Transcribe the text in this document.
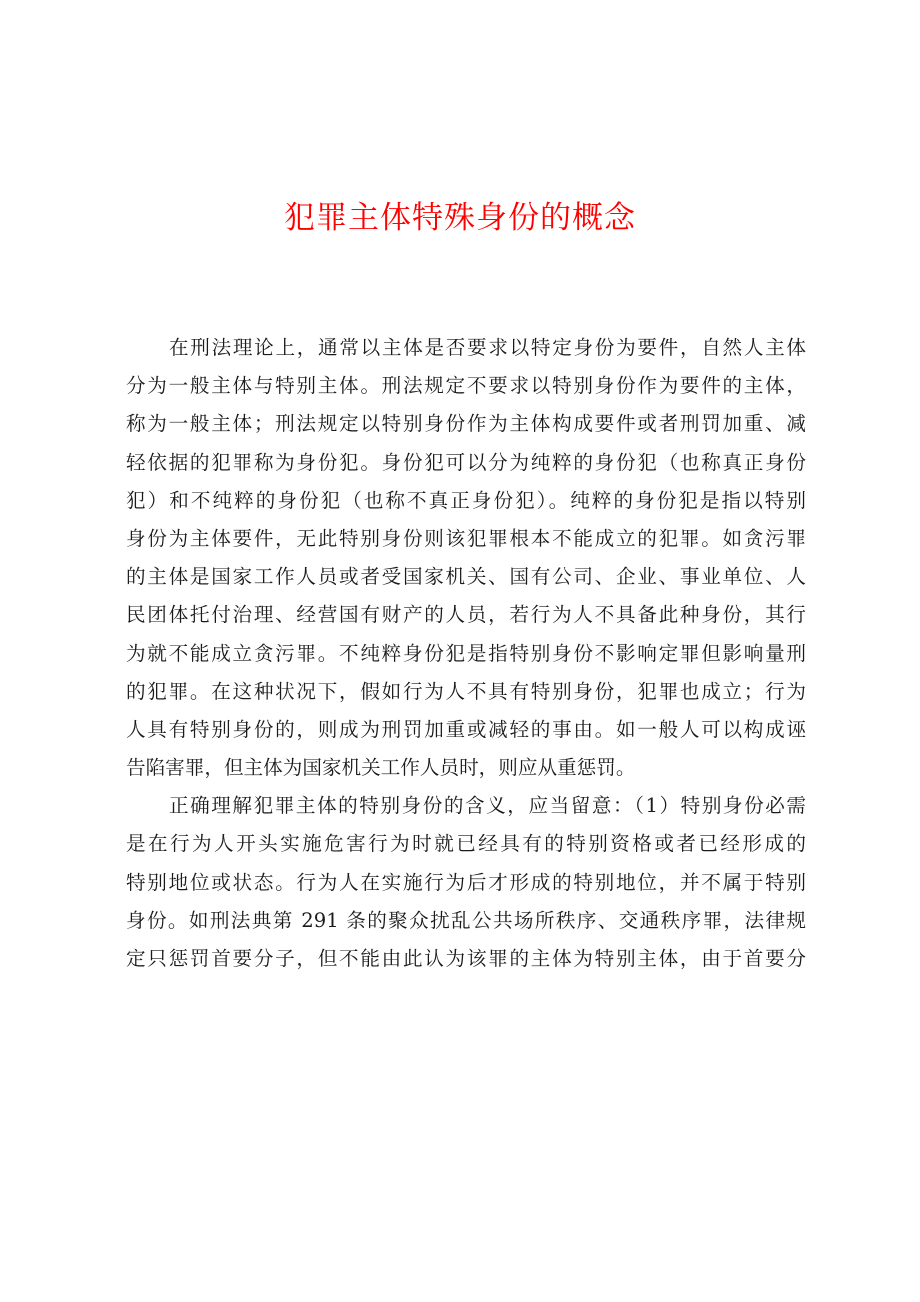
犯罪主体特殊身份的概念
在刑法理论上，通常以主体是否要求以特定身份为要件，自然人主体
分为一般主体与特别主体。刑法规定不要求以特别身份作为要件的主体，
称为一般主体；刑法规定以特别身份作为主体构成要件或者刑罚加重、减
轻依据的犯罪称为身份犯。身份犯可以分为纯粹的身份犯（也称真正身份
犯）和不纯粹的身份犯（也称不真正身份犯）。纯粹的身份犯是指以特别
身份为主体要件，无此特别身份则该犯罪根本不能成立的犯罪。如贪污罪
的主体是国家工作人员或者受国家机关、国有公司、企业、事业单位、人
民团体托付治理、经营国有财产的人员，若行为人不具备此种身份，其行
为就不能成立贪污罪。不纯粹身份犯是指特别身份不影响定罪但影响量刑
的犯罪。在这种状况下，假如行为人不具有特别身份，犯罪也成立；行为
人具有特别身份的，则成为刑罚加重或减轻的事由。如一般人可以构成诬
告陷害罪，但主体为国家机关工作人员时，则应从重惩罚。
正确理解犯罪主体的特别身份的含义，应当留意：（1）特别身份必需
是在行为人开头实施危害行为时就已经具有的特别资格或者已经形成的
特别地位或状态。行为人在实施行为后才形成的特别地位，并不属于特别
身份。如刑法典第 291 条的聚众扰乱公共场所秩序、交通秩序罪，法律规
定只惩罚首要分子，但不能由此认为该罪的主体为特别主体，由于首要分
